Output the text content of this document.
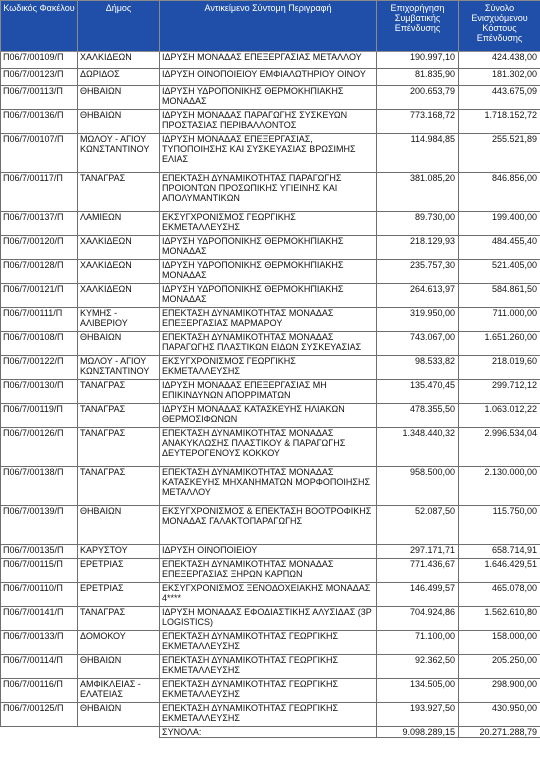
Κωδικός Φακέλου	Δήμος	Αντικείμενο Σύντομη Περιγραφή	Επιχορήγηση Συμβατικής Επένδυσης	Σύνολο Ενισχυόμενου Κόστους Επένδυσης
Π06/7/00109/Π	ΧΑΛΚΙΔΕΩΝ	ΙΔΡΥΣΗ ΜΟΝΑΔΑΣ ΕΠΕΞΕΡΓΑΣΙΑΣ ΜΕΤΑΛΛΟΥ	190.997,10	424.438,00
Π06/7/00123/Π	ΔΩΡΙΔΟΣ	ΙΔΡΥΣΗ ΟΙΝΟΠΟΙΕΙΟΥ ΕΜΦΙΑΛΩΤΗΡΙΟΥ ΟΙΝΟΥ	81.835,90	181.302,00
Π06/7/00113/Π	ΘΗΒΑΙΩΝ	ΙΔΡΥΣΗ ΥΔΡΟΠΟΝΙΚΗΣ ΘΕΡΜΟΚΗΠΙΑΚΗΣ ΜΟΝΑΔΑΣ	200.653,79	443.675,09
Π06/7/00136/Π	ΘΗΒΑΙΩΝ	ΙΔΡΥΣΗ ΜΟΝΑΔΑΣ ΠΑΡΑΓΩΓΗΣ ΣΥΣΚΕΥΩΝ ΠΡΟΣΤΑΣΙΑΣ ΠΕΡΙΒΑΛΛΟΝΤΟΣ	773.168,72	1.718.152,72
Π06/7/00107/Π	ΜΩΛΟΥ - ΑΓΙΟΥ ΚΩΝΣΤΑΝΤΙΝΟΥ	ΙΔΡΥΣΗ ΜΟΝΑΔΑΣ ΕΠΕΞΕΡΓΑΣΙΑΣ, ΤΥΠΟΠΟΙΗΣΗΣ ΚΑΙ ΣΥΣΚΕΥΑΣΙΑΣ ΒΡΩΣΙΜΗΣ ΕΛΙΑΣ	114.984,85	255.521,89
Π06/7/00117/Π	ΤΑΝΑΓΡΑΣ	ΕΠΕΚΤΑΣΗ ΔΥΝΑΜΙΚΟΤΗΤΑΣ ΠΑΡΑΓΩΓΗΣ ΠΡΟΙΟΝΤΩΝ ΠΡΟΣΩΠΙΚΗΣ ΥΓΙΕΙΝΗΣ ΚΑΙ ΑΠΟΛΥΜΑΝΤΙΚΩΝ	381.085,20	846.856,00
Π06/7/00137/Π	ΛΑΜΙΕΩΝ	ΕΚΣΥΓΧΡΟΝΙΣΜΟΣ ΓΕΩΡΓΙΚΗΣ ΕΚΜΕΤΑΛΛΕΥΣΗΣ	89.730,00	199.400,00
Π06/7/00120/Π	ΧΑΛΚΙΔΕΩΝ	ΙΔΡΥΣΗ ΥΔΡΟΠΟΝΙΚΗΣ ΘΕΡΜΟΚΗΠΙΑΚΗΣ ΜΟΝΑΔΑΣ	218.129,93	484.455,40
Π06/7/00128/Π	ΧΑΛΚΙΔΕΩΝ	ΙΔΡΥΣΗ ΥΔΡΟΠΟΝΙΚΗΣ ΘΕΡΜΟΚΗΠΙΑΚΗΣ ΜΟΝΑΔΑΣ	235.757,30	521.405,00
Π06/7/00121/Π	ΧΑΛΚΙΔΕΩΝ	ΙΔΡΥΣΗ ΥΔΡΟΠΟΝΙΚΗΣ ΘΕΡΜΟΚΗΠΙΑΚΗΣ ΜΟΝΑΔΑΣ	264.613,97	584.861,50
Π06/7/00111/Π	ΚΥΜΗΣ - ΑΛΙΒΕΡΙΟΥ	ΕΠΕΚΤΑΣΗ ΔΥΝΑΜΙΚΟΤΗΤΑΣ ΜΟΝΑΔΑΣ ΕΠΕΞΕΡΓΑΣΙΑΣ ΜΑΡΜΑΡΟΥ	319.950,00	711.000,00
Π06/7/00108/Π	ΘΗΒΑΙΩΝ	ΕΠΕΚΤΑΣΗ ΔΥΝΑΜΙΚΟΤΗΤΑΣ ΜΟΝΑΔΑΣ ΠΑΡΑΓΩΓΗΣ ΠΛΑΣΤΙΚΩΝ ΕΙΔΩΝ ΣΥΣΚΕΥΑΣΙΑΣ	743.067,00	1.651.260,00
Π06/7/00122/Π	ΜΩΛΟΥ - ΑΓΙΟΥ ΚΩΝΣΤΑΝΤΙΝΟΥ	ΕΚΣΥΓΧΡΟΝΙΣΜΟΣ ΓΕΩΡΓΙΚΗΣ ΕΚΜΕΤΑΛΛΕΥΣΗΣ	98.533,82	218.019,60
Π06/7/00130/Π	ΤΑΝΑΓΡΑΣ	ΙΔΡΥΣΗ ΜΟΝΑΔΑΣ ΕΠΕΞΕΡΓΑΣΙΑΣ ΜΗ ΕΠΙΚΙΝΔΥΝΩΝ ΑΠΟΡΡΙΜΑΤΩΝ	135.470,45	299.712,12
Π06/7/00119/Π	ΤΑΝΑΓΡΑΣ	ΙΔΡΥΣΗ ΜΟΝΑΔΑΣ ΚΑΤΑΣΚΕΥΗΣ ΗΛΙΑΚΩΝ ΘΕΡΜΟΣΙΦΩΝΩΝ	478.355,50	1.063.012,22
Π06/7/00126/Π	ΤΑΝΑΓΡΑΣ	ΕΠΕΚΤΑΣΗ ΔΥΝΑΜΙΚΟΤΗΤΑΣ ΜΟΝΑΔΑΣ ΑΝΑΚΥΚΛΩΣΗΣ ΠΛΑΣΤΙΚΟΥ & ΠΑΡΑΓΩΓΗΣ ΔΕΥΤΕΡΟΓΕΝΟΥΣ ΚΟΚΚΟΥ	1.348.440,32	2.996.534,04
Π06/7/00138/Π	ΤΑΝΑΓΡΑΣ	ΕΠΕΚΤΑΣΗ ΔΥΝΑΜΙΚΟΤΗΤΑΣ ΜΟΝΑΔΑΣ ΚΑΤΑΣΚΕΥΗΣ ΜΗΧΑΝΗΜΑΤΩΝ ΜΟΡΦΟΠΟΙΗΣΗΣ ΜΕΤΑΛΛΟΥ	958.500,00	2.130.000,00
Π06/7/00139/Π	ΘΗΒΑΙΩΝ	ΕΚΣΥΓΧΡΟΝΙΣΜΟΣ & ΕΠΕΚΤΑΣΗ ΒΟΟΤΡΟΦΙΚΗΣ ΜΟΝΑΔΑΣ ΓΑΛΑΚΤΟΠΑΡΑΓΩΓΗΣ	52.087,50	115.750,00
Π06/7/00135/Π	ΚΑΡΥΣΤΟΥ	ΙΔΡΥΣΗ ΟΙΝΟΠΟΙΕΙΟΥ	297.171,71	658.714,91
Π06/7/00115/Π	ΕΡΕΤΡΙΑΣ	ΕΠΕΚΤΑΣΗ ΔΥΝΑΜΙΚΟΤΗΤΑΣ ΜΟΝΑΔΑΣ ΕΠΕΞΕΡΓΑΣΙΑΣ ΞΗΡΩΝ ΚΑΡΠΩΝ	771.436,67	1.646.429,51
Π06/7/00110/Π	ΕΡΕΤΡΙΑΣ	ΕΚΣΥΓΧΡΟΝΙΣΜΟΣ ΞΕΝΟΔΟΧΕΙΑΚΗΣ ΜΟΝΑΔΑΣ 4****	146.499,57	465.078,00
Π06/7/00141/Π	ΤΑΝΑΓΡΑΣ	ΙΔΡΥΣΗ ΜΟΝΑΔΑΣ ΕΦΟΔΙΑΣΤΙΚΗΣ ΑΛΥΣΙΔΑΣ (3P LOGISTICS)	704.924,86	1.562.610,80
Π06/7/00133/Π	ΔΟΜΟΚΟΥ	ΕΠΕΚΤΑΣΗ ΔΥΝΑΜΙΚΟΤΗΤΑΣ ΓΕΩΡΓΙΚΗΣ ΕΚΜΕΤΑΛΛΕΥΣΗΣ	71.100,00	158.000,00
Π06/7/00114/Π	ΘΗΒΑΙΩΝ	ΕΠΕΚΤΑΣΗ ΔΥΝΑΜΙΚΟΤΗΤΑΣ ΓΕΩΡΓΙΚΗΣ ΕΚΜΕΤΑΛΛΕΥΣΗΣ	92.362,50	205.250,00
Π06/7/00116/Π	ΑΜΦΙΚΛΕΙΑΣ - ΕΛΑΤΕΙΑΣ	ΕΠΕΚΤΑΣΗ ΔΥΝΑΜΙΚΟΤΗΤΑΣ ΓΕΩΡΓΙΚΗΣ ΕΚΜΕΤΑΛΛΕΥΣΗΣ	134.505,00	298.900,00
Π06/7/00125/Π	ΘΗΒΑΙΩΝ	ΕΠΕΚΤΑΣΗ ΔΥΝΑΜΙΚΟΤΗΤΑΣ ΓΕΩΡΓΙΚΗΣ ΕΚΜΕΤΑΛΛΕΥΣΗΣ	193.927,50	430.950,00
		ΣΥΝΟΛΑ:	9.098.289,15	20.271.288,79
